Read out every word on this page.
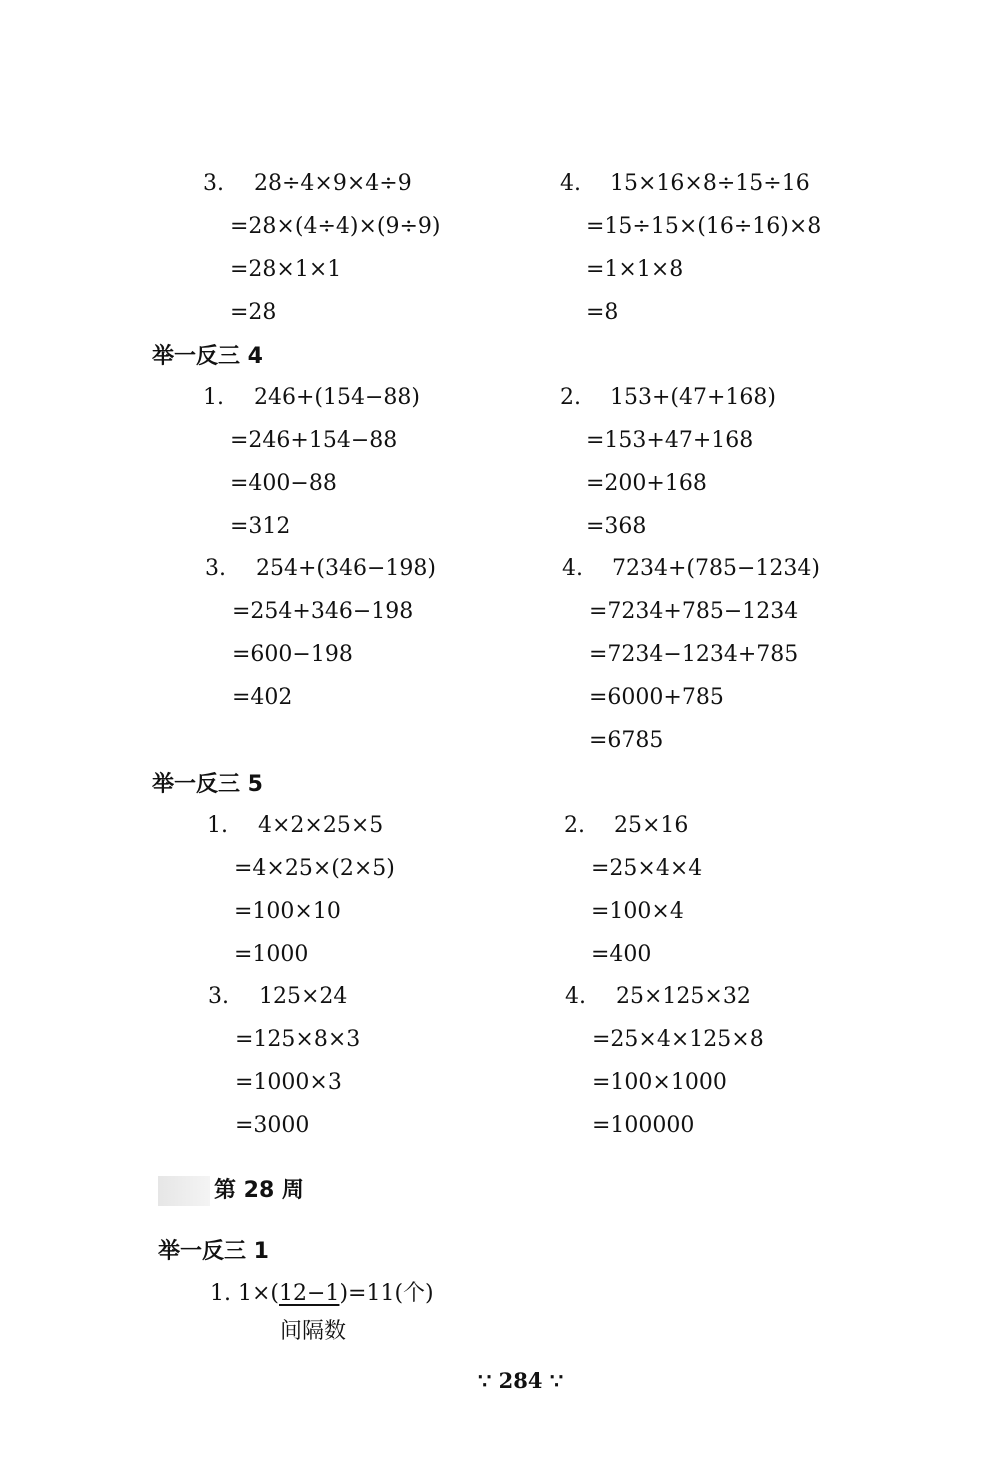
3. 28÷4×9×4÷9
=28×(4÷4)×(9÷9)
=28×1×1
=28
4. 15×16×8÷15÷16
=15÷15×(16÷16)×8
=1×1×8
=8
举一反三 4
1. 246+(154−88)
=246+154−88
=400−88
=312
2. 153+(47+168)
=153+47+168
=200+168
=368
3. 254+(346−198)
=254+346−198
=600−198
=402
4. 7234+(785−1234)
=7234+785−1234
=7234−1234+785
=6000+785
=6785
举一反三 5
1. 4×2×25×5
=4×25×(2×5)
=100×10
=1000
2. 25×16
=25×4×4
=100×4
=400
3. 125×24
=125×8×3
=1000×3
=3000
4. 25×125×32
=25×4×125×8
=100×1000
=100000
第 28 周
举一反三 1
1. 1×(12−1)=11(个)
间隔数
∵ 284 ∵
